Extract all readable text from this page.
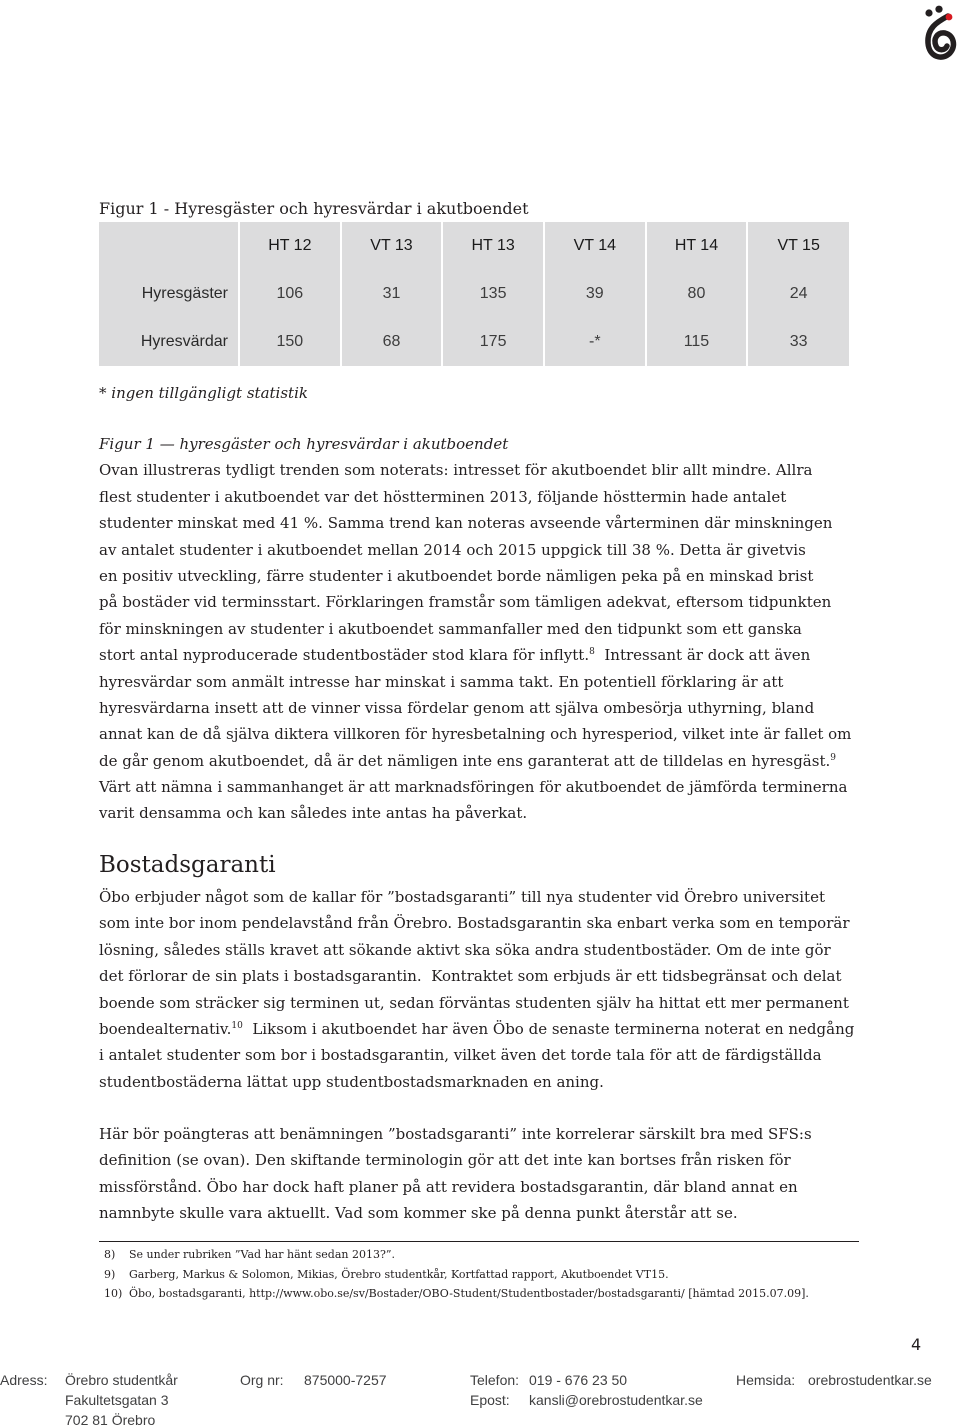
Figur 1 - Hyresgäster och hyresvärdar i akutboendet
	HT 12	VT 13	HT 13	VT 14	HT 14	VT 15
Hyresgäster	106	31	135	39	80	24
Hyresvärdar	150	68	175	-*	115	33

* ingen tillgängligt statistik

Figur 1 — hyresgäster och hyresvärdar i akutboendet
Ovan illustreras tydligt trenden som noterats: intresset för akutboendet blir allt mindre. Allra
flest studenter i akutboendet var det höstterminen 2013, följande hösttermin hade antalet
studenter minskat med 41 %. Samma trend kan noteras avseende vårterminen där minskningen
av antalet studenter i akutboendet mellan 2014 och 2015 uppgick till 38 %. Detta är givetvis
en positiv utveckling, färre studenter i akutboendet borde nämligen peka på en minskad brist
på bostäder vid terminsstart. Förklaringen framstår som tämligen adekvat, eftersom tidpunkten
för minskningen av studenter i akutboendet sammanfaller med den tidpunkt som ett ganska
stort antal nyproducerade studentbostäder stod klara för inflytt.$^8$  Intressant är dock att även
hyresvärdar som anmält intresse har minskat i samma takt. En potentiell förklaring är att
hyresvärdarna insett att de vinner vissa fördelar genom att själva ombesörja uthyrning, bland
annat kan de då själva diktera villkoren för hyresbetalning och hyresperiod, vilket inte är fallet om
de går genom akutboendet, då är det nämligen inte ens garanterat att de tilldelas en hyresgäst.$^9$
Värt att nämna i sammanhanget är att marknadsföringen för akutboendet de jämförda terminerna
varit densamma och kan således inte antas ha påverkat.
Bostadsgaranti
Öbo erbjuder något som de kallar för ”bostadsgaranti” till nya studenter vid Örebro universitet
som inte bor inom pendelavstånd från Örebro. Bostadsgarantin ska enbart verka som en temporär
lösning, således ställs kravet att sökande aktivt ska söka andra studentbostäder. Om de inte gör
det förlorar de sin plats i bostadsgarantin.  Kontraktet som erbjuds är ett tidsbegränsat och delat
boende som sträcker sig terminen ut, sedan förväntas studenten själv ha hittat ett mer permanent
boendealternativ.$^{10}$  Liksom i akutboendet har även Öbo de senaste terminerna noterat en nedgång
i antalet studenter som bor i bostadsgarantin, vilket även det torde tala för att de färdigställda
studentbostäderna lättat upp studentbostadsmarknaden en aning.
Här bör poängteras att benämningen ”bostadsgaranti” inte korrelerar särskilt bra med SFS:s
definition (se ovan). Den skiftande terminologin gör att det inte kan bortses från risken för
missförstånd. Öbo har dock haft planer på att revidera bostadsgarantin, där bland annat en
namnbyte skulle vara aktuellt. Vad som kommer ske på denna punkt återstår att se.
8) Se under rubriken ”Vad har hänt sedan 2013?”.
9) Garberg, Markus & Solomon, Mikias, Örebro studentkår, Kortfattad rapport, Akutboendet VT15.
10) Öbo, bostadsgaranti, http://www.obo.se/sv/Bostader/OBO-Student/Studentbostader/bostadsgaranti/ [hämtad 2015.07.09].
4
Adress: Örebro studentkår
Fakultetsgatan 3
702 81 Örebro
Org nr: 875000-7257	Telefon: 019 - 676 23 50
Epost: kansli@orebrostudentkar.se
Hemsida: orebrostudentkar.se
